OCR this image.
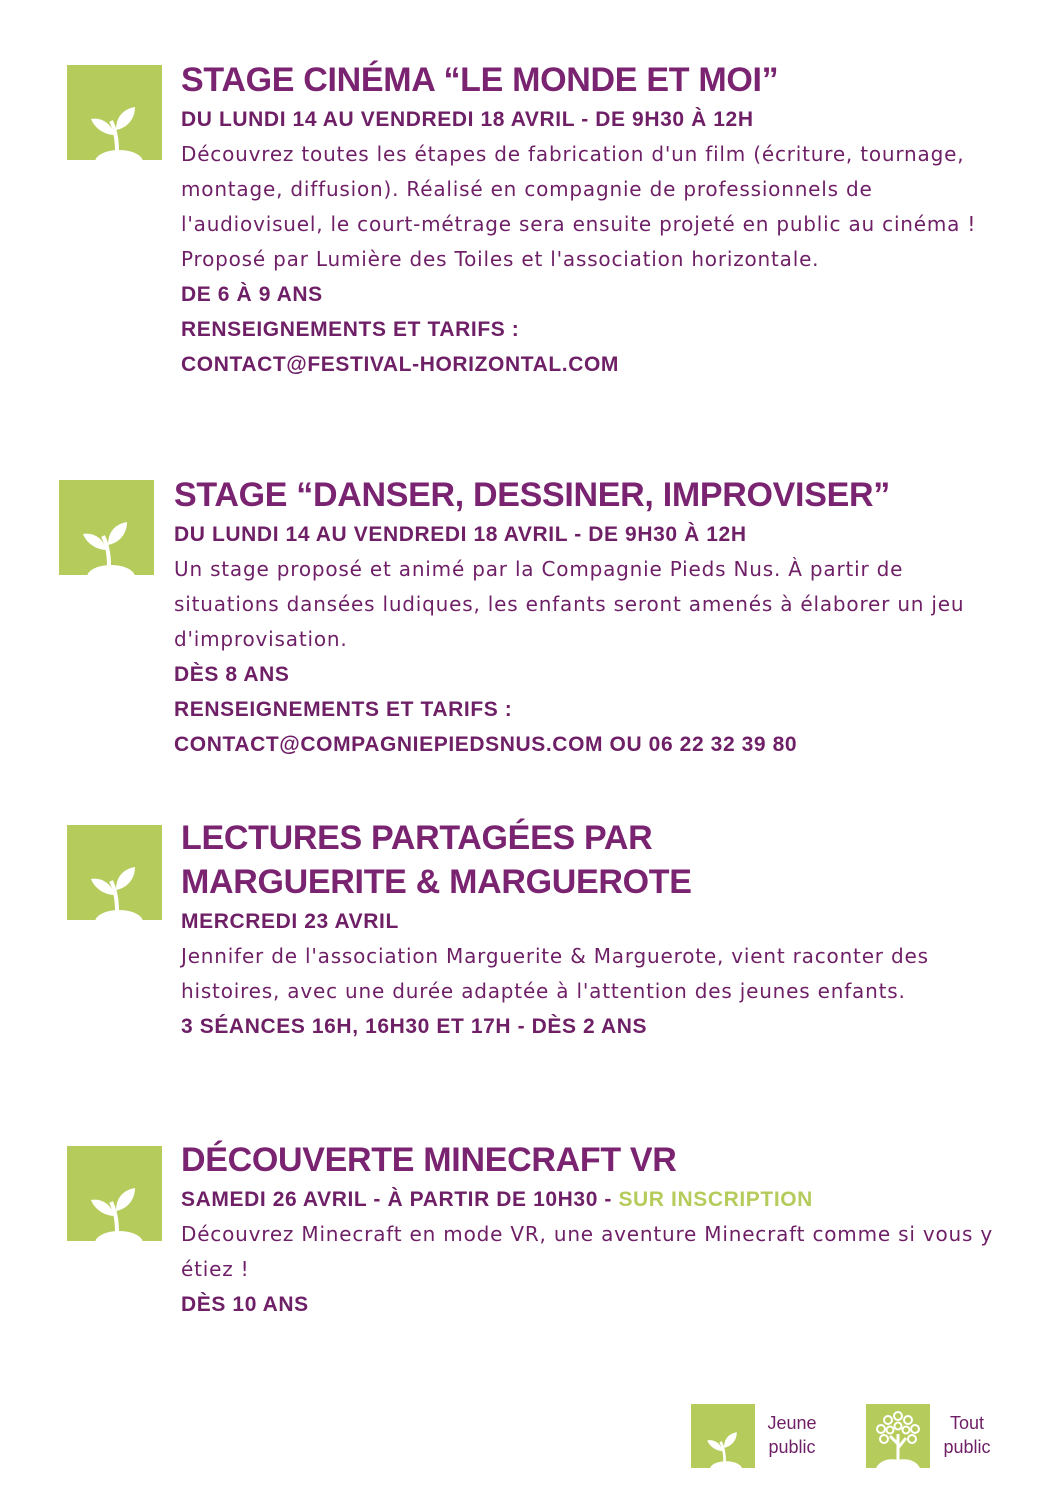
STAGE CINÉMA “LE MONDE ET MOI”

DU LUNDI 14 AU VENDREDI 18 AVRIL - DE 9H30 À 12H

Découvrez toutes les étapes de fabrication d'un film (écriture, tournage, montage, diffusion). Réalisé en compagnie de professionnels de l'audiovisuel, le court-métrage sera ensuite projeté en public au cinéma ! Proposé par Lumière des Toiles et l'association horizontale.

DE 6 À 9 ANS

RENSEIGNEMENTS ET TARIFS :

CONTACT@FESTIVAL-HORIZONTAL.COM

STAGE “DANSER, DESSINER, IMPROVISER”

DU LUNDI 14 AU VENDREDI 18 AVRIL - DE 9H30 À 12H

Un stage proposé et animé par la Compagnie Pieds Nus. À partir de situations dansées ludiques, les enfants seront amenés à élaborer un jeu d'improvisation.

DÈS 8 ANS

RENSEIGNEMENTS ET TARIFS :

CONTACT@COMPAGNIEPIEDSNUS.COM OU 06 22 32 39 80

LECTURES PARTAGÉES PAR

MARGUERITE & MARGUEROTE

MERCREDI 23 AVRIL

Jennifer de l'association Marguerite & Marguerote, vient raconter des histoires, avec une durée adaptée à l'attention des jeunes enfants.

3 SÉANCES 16H, 16H30 ET 17H - DÈS 2 ANS

DÉCOUVERTE MINECRAFT VR

SAMEDI 26 AVRIL - À PARTIR DE 10H30 - SUR INSCRIPTION

Découvrez Minecraft en mode VR, une aventure Minecraft comme si vous y étiez !

DÈS 10 ANS

Jeune
public
Tout
public
